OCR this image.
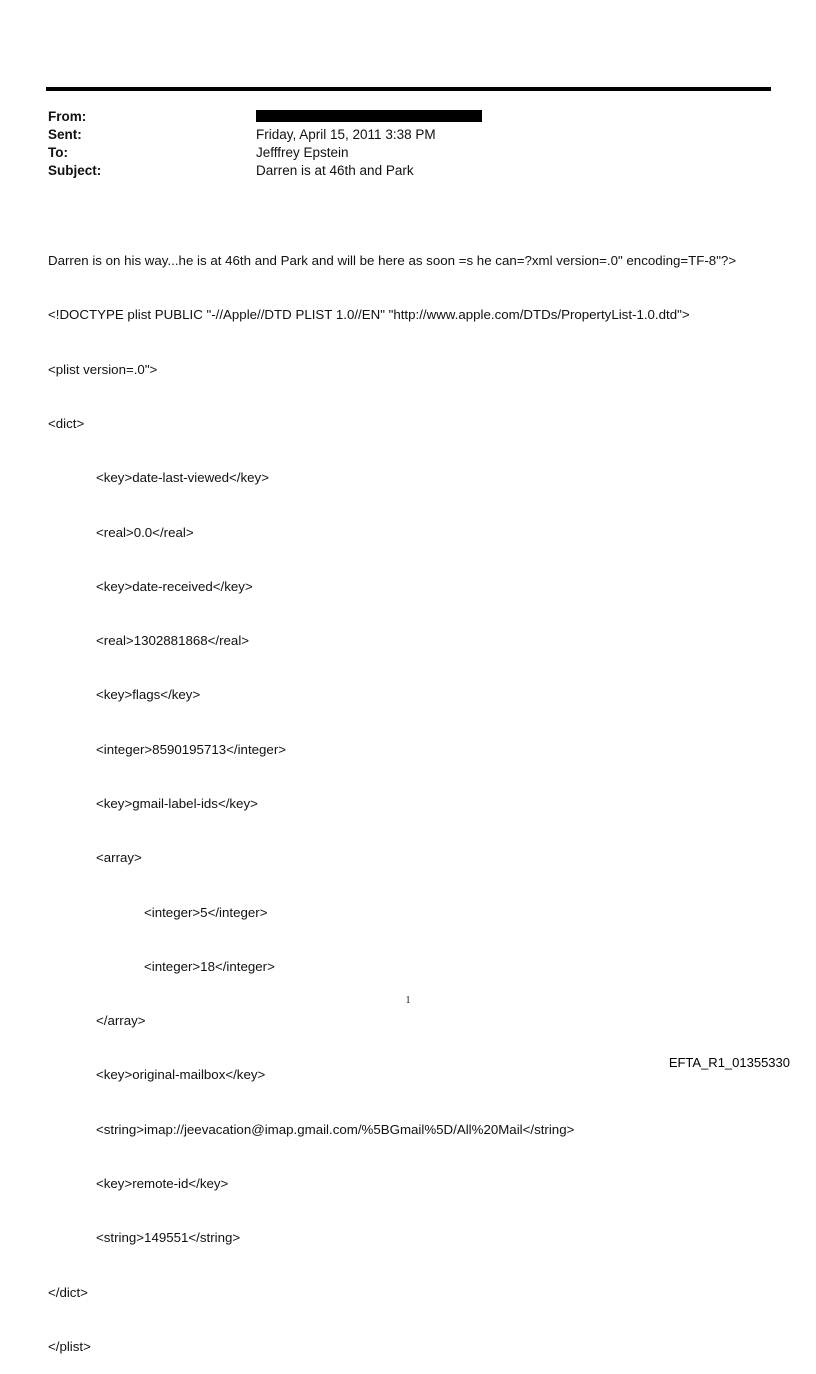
From:
Sent:	Friday, April 15, 2011 3:38 PM
To:	Jefffrey Epstein
Subject:	Darren is at 46th and Park

Darren is on his way...he is at 46th and Park and will be here as soon =s he can=?xml version=.0" encoding=TF-8"?>

<!DOCTYPE plist PUBLIC "-//Apple//DTD PLIST 1.0//EN" "http://www.apple.com/DTDs/PropertyList-1.0.dtd">

<plist version=.0">

<dict>

<key>date-last-viewed</key>

<real>0.0</real>

<key>date-received</key>

<real>1302881868</real>

<key>flags</key>

<integer>8590195713</integer>

<key>gmail-label-ids</key>

<array>

<integer>5</integer>

<integer>18</integer>

</array>

<key>original-mailbox</key>

<string>imap://jeevacation@imap.gmail.com/%5BGmail%5D/All%20Mail</string>

<key>remote-id</key>

<string>149551</string>

</dict>

</plist>

1
EFTA_R1_01355330
